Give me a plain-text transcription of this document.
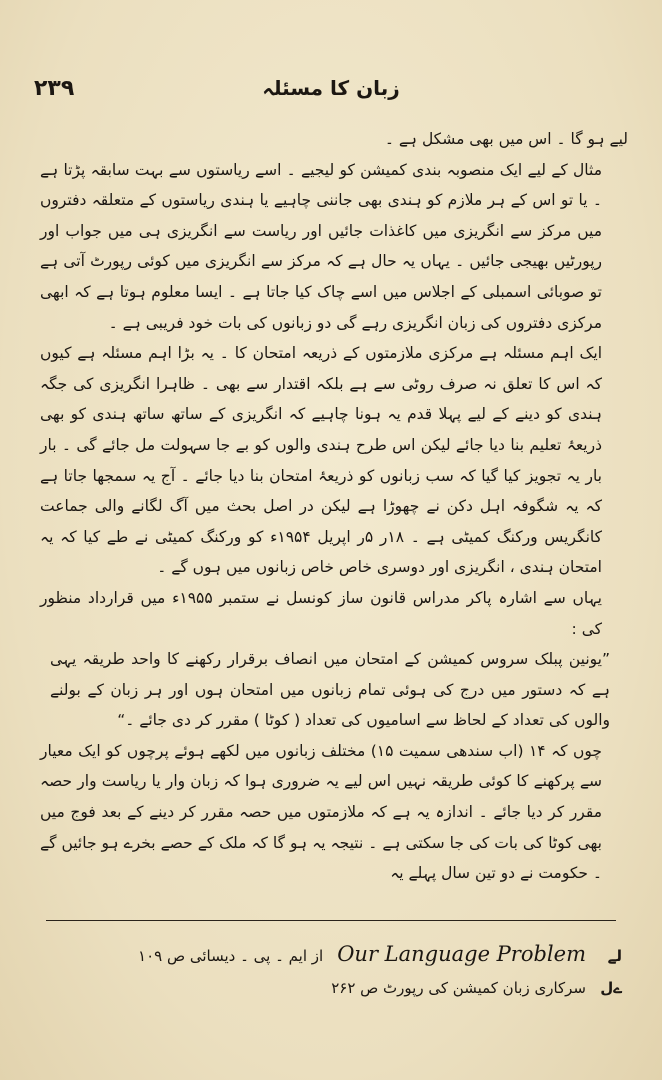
۲۳۹	زبان کا مسئلہ

لیے ہو گا ۔ اس میں بھی مشکل ہے ۔

مثال کے لیے ایک منصوبہ بندی کمیشن کو لیجیے ۔ اسے ریاستوں سے بہت سابقہ پڑتا ہے ۔ یا تو اس کے ہر ملازم کو ہندی بھی جاننی چاہیے یا ہندی ریاستوں کے متعلقہ دفتروں میں مرکز سے انگریزی میں کاغذات جائیں اور ریاست سے انگریزی ہی میں جواب اور رپورٹیں بھیجی جائیں ۔ یہاں یہ حال ہے کہ مرکز سے انگریزی میں کوئی رپورٹ آتی ہے تو صوبائی اسمبلی کے اجلاس میں اسے چاک کیا جاتا ہے ۔ ایسا معلوم ہوتا ہے کہ ابھی مرکزی دفتروں کی زبان انگریزی رہے گی دو زبانوں کی بات خود فریبی ہے ۔

ایک اہم مسئلہ ہے مرکزی ملازمتوں کے ذریعہ امتحان کا ۔ یہ بڑا اہم مسئلہ ہے کیوں کہ اس کا تعلق نہ صرف روٹی سے ہے بلکہ اقتدار سے بھی ۔ ظاہرا انگریزی کی جگہ ہندی کو دینے کے لیے پہلا قدم یہ ہونا چاہیے کہ انگریزی کے ساتھ ساتھ ہندی کو بھی ذریعۂ تعلیم بنا دیا جائے لیکن اس طرح ہندی والوں کو بے جا سہولت مل جائے گی ۔ بار بار یہ تجویز کیا گیا کہ سب زبانوں کو ذریعۂ امتحان بنا دیا جائے ۔ آج یہ سمجھا جاتا ہے کہ یہ شگوفہ اہل دکن نے چھوڑا ہے لیکن در اصل بحث میں آگ لگانے والی جماعت کانگریس ورکنگ کمیٹی ہے ۔ ۱۸ر ۵ر اپریل ۱۹۵۴ء کو ورکنگ کمیٹی نے طے کیا کہ یہ امتحان ہندی ، انگریزی اور دوسری خاص خاص زبانوں میں ہوں گے ۔

یہاں سے اشارہ پاکر مدراس قانون ساز کونسل نے ستمبر ۱۹۵۵ء میں قرارداد منظور کی :

”یونین پبلک سروس کمیشن کے امتحان میں انصاف برقرار رکھنے کا واحد طریقہ یہی ہے کہ دستور میں درج کی ہوئی تمام زبانوں میں امتحان ہوں اور ہر زبان کے بولنے والوں کی تعداد کے لحاظ سے اسامیوں کی تعداد ( کوٹا ) مقرر کر دی جائے ۔“

چوں کہ ۱۴ (اب سندھی سمیت ۱۵) مختلف زبانوں میں لکھے ہوئے پرچوں کو ایک معیار سے پرکھنے کا کوئی طریقہ نہیں اس لیے یہ ضروری ہوا کہ زبان وار یا ریاست وار حصہ مقرر کر دیا جائے ۔ اندازہ یہ ہے کہ ملازمتوں میں حصہ مقرر کر دینے کے بعد فوج میں بھی کوٹا کی بات کی جا سکتی ہے ۔ نتیجہ یہ ہو گا کہ ملک کے حصے بخرے ہو جائیں گے ۔ حکومت نے دو تین سال پہلے یہ

لے
Our Language Problem
از ایم ۔ پی ۔ دیسائی ص ۱۰۹
ےل
سرکاری زبان کمیشن کی رپورٹ ص ۲۶۲
